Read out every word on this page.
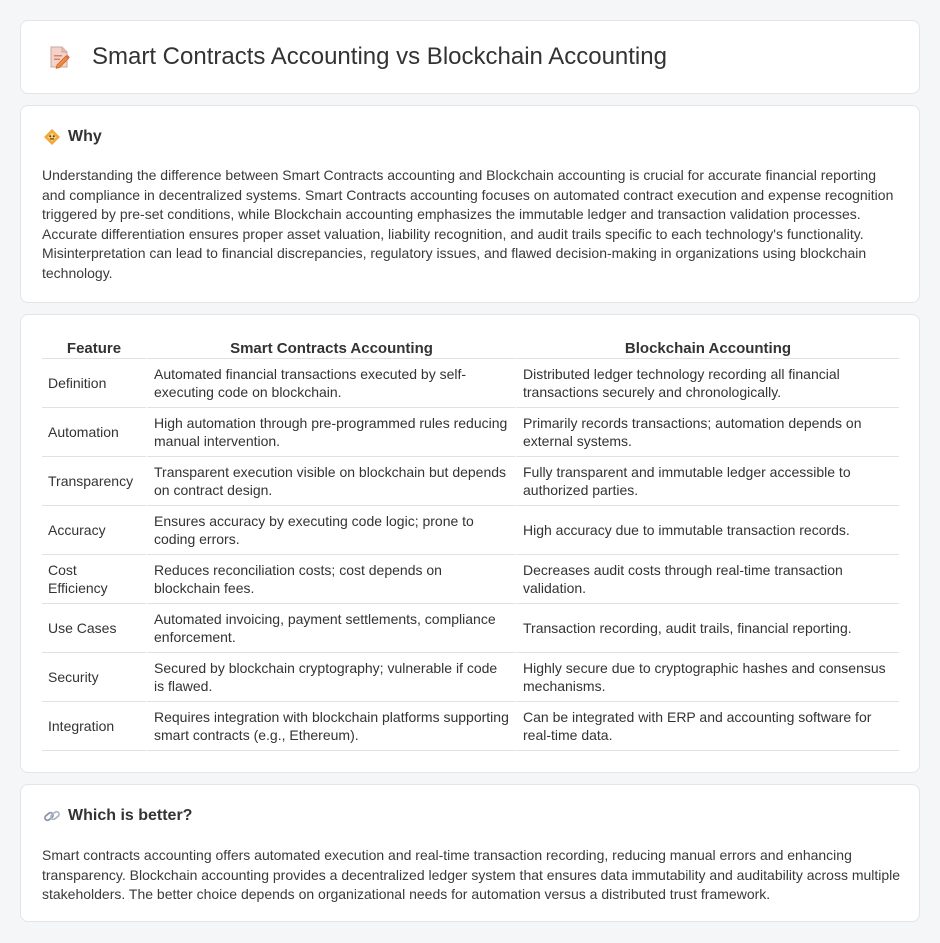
Smart Contracts Accounting vs Blockchain Accounting
Why

Understanding the difference between Smart Contracts accounting and Blockchain accounting is crucial for accurate financial reporting and compliance in decentralized systems. Smart Contracts accounting focuses on automated contract execution and expense recognition triggered by pre-set conditions, while Blockchain accounting emphasizes the immutable ledger and transaction validation processes. Accurate differentiation ensures proper asset valuation, liability recognition, and audit trails specific to each technology's functionality. Misinterpretation can lead to financial discrepancies, regulatory issues, and flawed decision-making in organizations using blockchain technology.

Feature	Smart Contracts Accounting	Blockchain Accounting
Definition	Automated financial transactions executed by self-executing code on blockchain.	Distributed ledger technology recording all financial transactions securely and chronologically.
Automation	High automation through pre-programmed rules reducing manual intervention.	Primarily records transactions; automation depends on external systems.
Transparency	Transparent execution visible on blockchain but depends on contract design.	Fully transparent and immutable ledger accessible to authorized parties.
Accuracy	Ensures accuracy by executing code logic; prone to coding errors.	High accuracy due to immutable transaction records.
Cost Efficiency	Reduces reconciliation costs; cost depends on blockchain fees.	Decreases audit costs through real-time transaction validation.
Use Cases	Automated invoicing, payment settlements, compliance enforcement.	Transaction recording, audit trails, financial reporting.
Security	Secured by blockchain cryptography; vulnerable if code is flawed.	Highly secure due to cryptographic hashes and consensus mechanisms.
Integration	Requires integration with blockchain platforms supporting smart contracts (e.g., Ethereum).	Can be integrated with ERP and accounting software for real-time data.
Which is better?

Smart contracts accounting offers automated execution and real-time transaction recording, reducing manual errors and enhancing transparency. Blockchain accounting provides a decentralized ledger system that ensures data immutability and auditability across multiple stakeholders. The better choice depends on organizational needs for automation versus a distributed trust framework.
